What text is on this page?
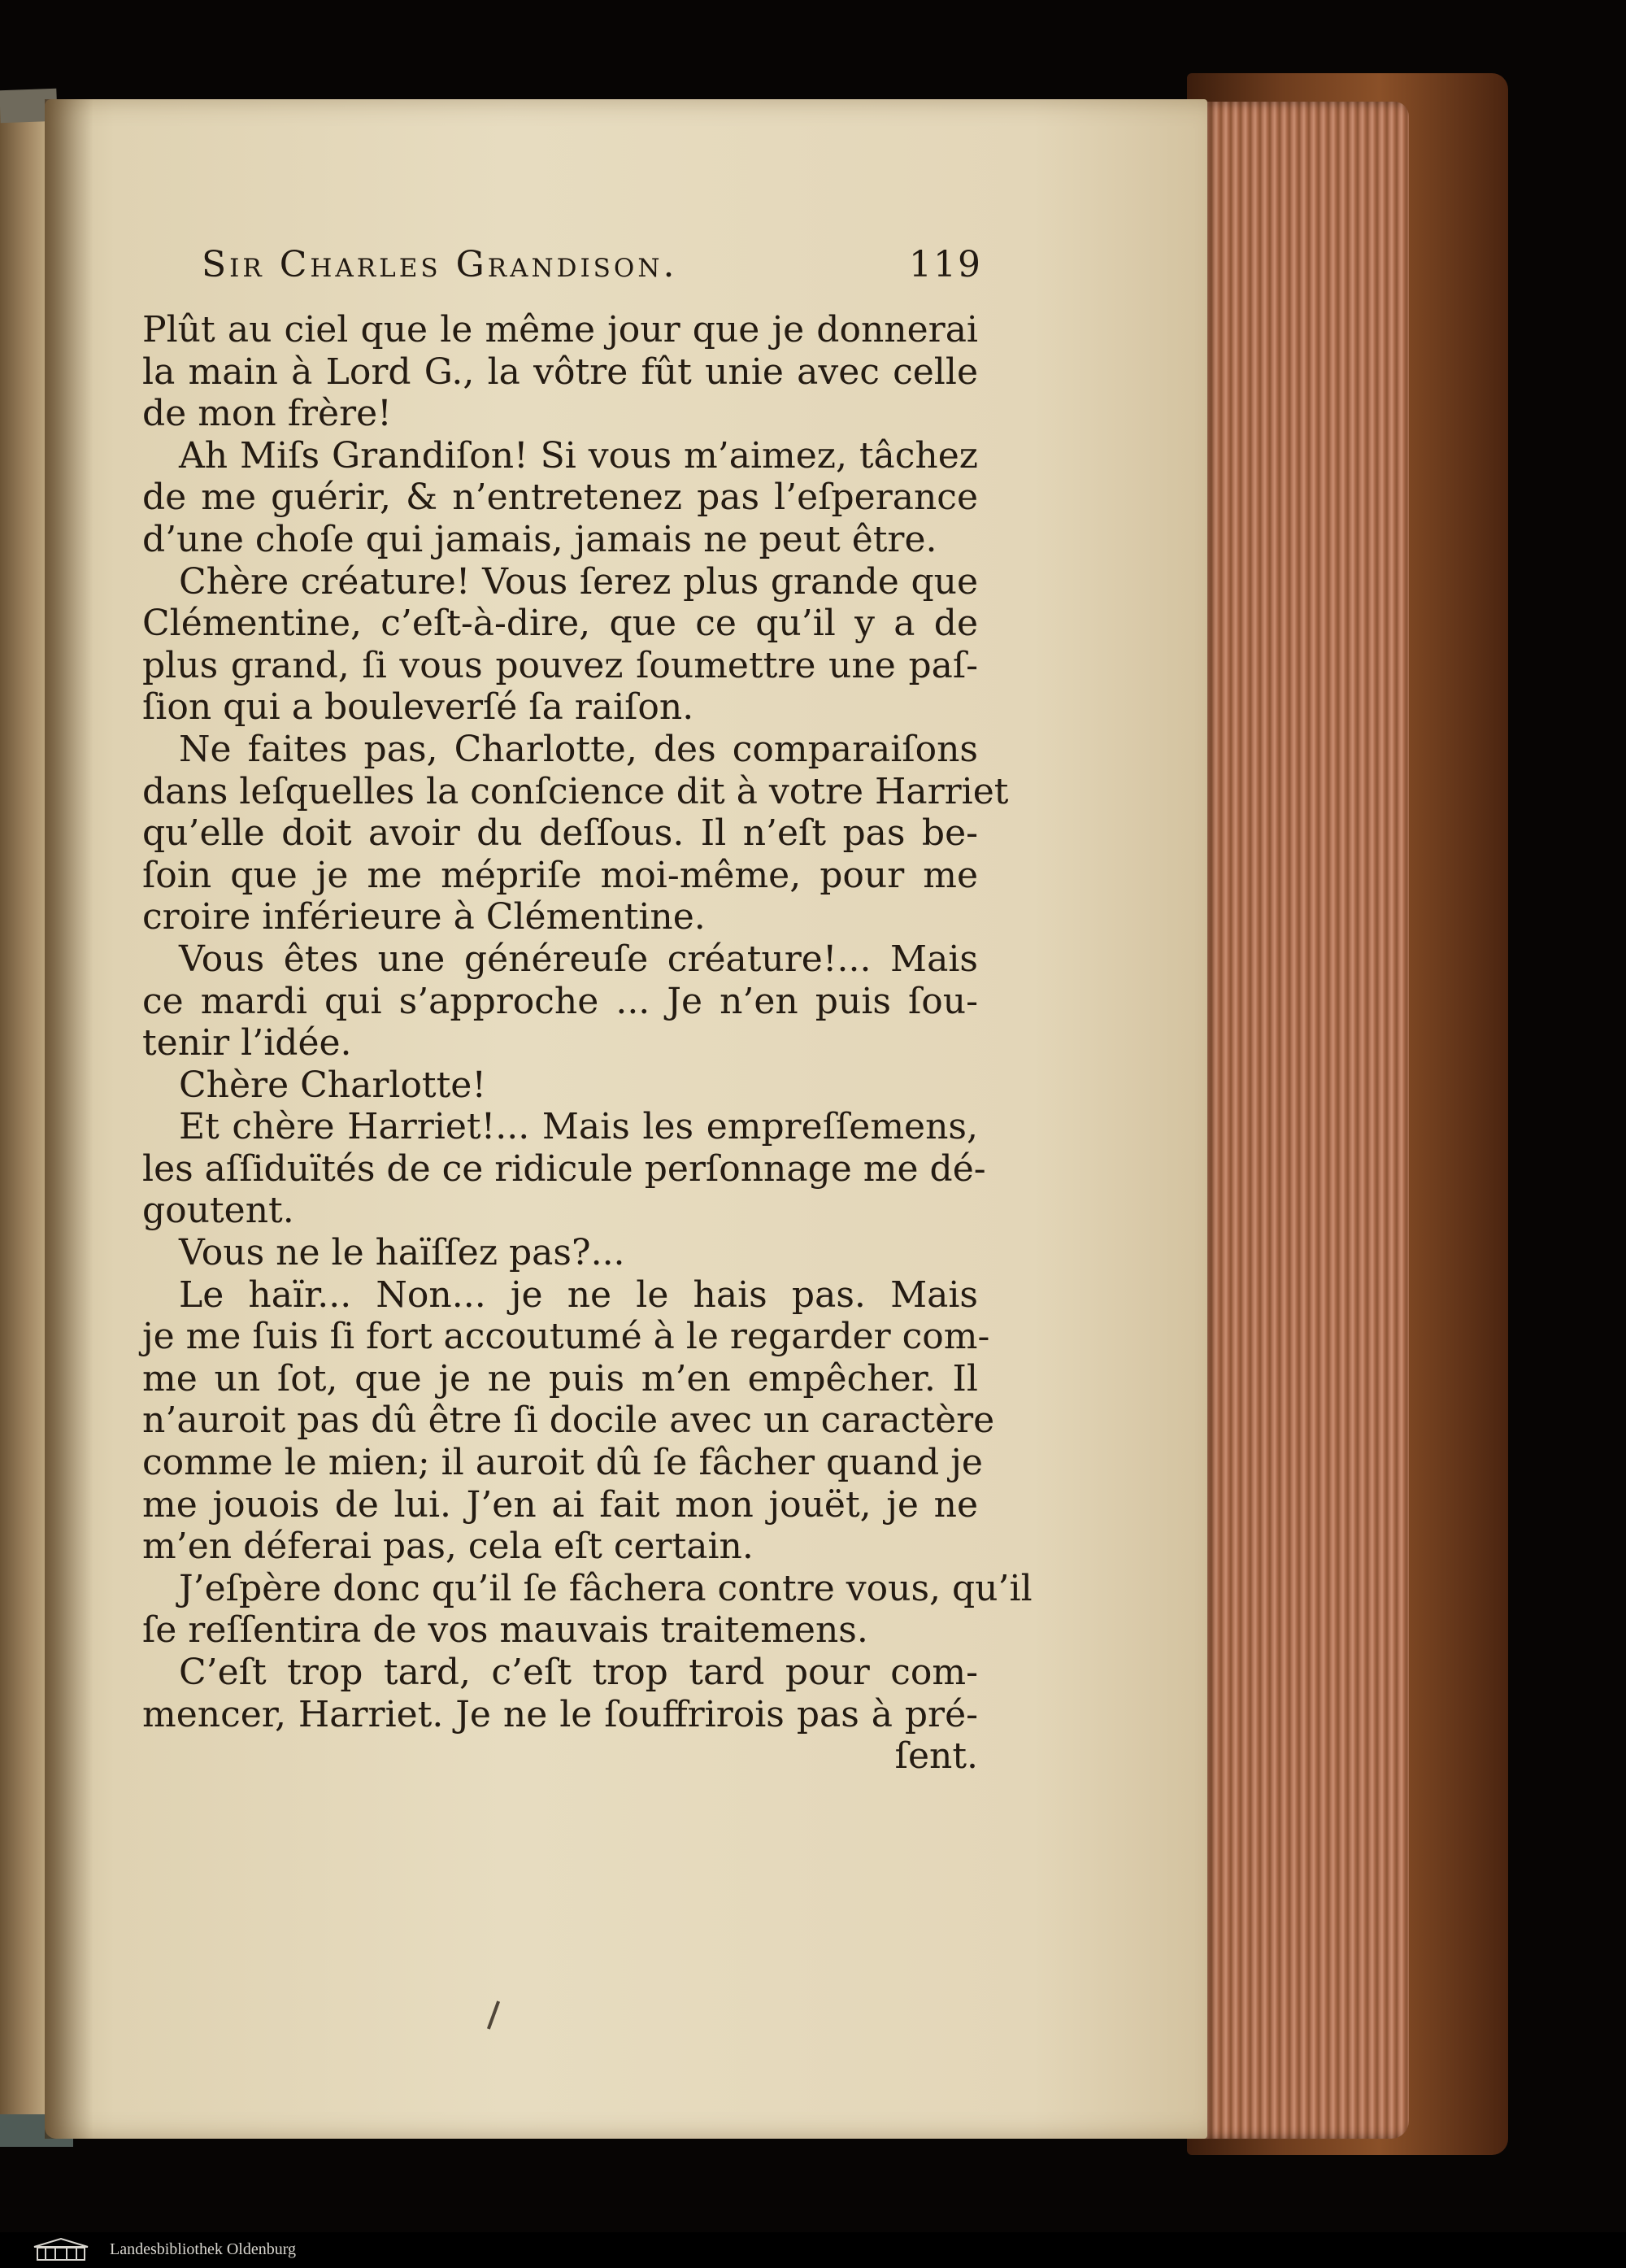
Sir Charles Grandison.	119
Plût au ciel que le même jour que je donnerai
la main à Lord G., la vôtre fût unie avec celle
de mon frère!
Ah Miſs Grandiſon! Si vous m’aimez, tâchez
de me guérir, & n’entretenez pas l’eſperance
d’une choſe qui jamais, jamais ne peut être.
Chère créature! Vous ſerez plus grande que
Clémentine, c’eſt-à-dire, que ce qu’il y a de
plus grand, ſi vous pouvez ſoumettre une paſ-
ſion qui a bouleverſé ſa raiſon.
Ne faites pas, Charlotte, des comparaiſons
dans leſquelles la conſcience dit à votre Harriet
qu’elle doit avoir du deſſous. Il n’eſt pas be-
ſoin que je me mépriſe moi-même, pour me
croire inférieure à Clémentine.
Vous êtes une généreuſe créature!... Mais
ce mardi qui s’approche ... Je n’en puis ſou-
tenir l’idée.
Chère Charlotte!
Et chère Harriet!... Mais les empreſſemens,
les aſſiduïtés de ce ridicule perſonnage me dé-
goutent.
Vous ne le haïſſez pas?...
Le haïr... Non... je ne le hais pas. Mais
je me ſuis ſi fort accoutumé à le regarder com-
me un ſot, que je ne puis m’en empêcher. Il
n’auroit pas dû être ſi docile avec un caractère
comme le mien; il auroit dû ſe fâcher quand je
me jouois de lui. J’en ai fait mon jouët, je ne
m’en déferai pas, cela eſt certain.
J’eſpère donc qu’il ſe fâchera contre vous, qu’il
ſe reſſentira de vos mauvais traitemens.
C’eſt trop tard, c’eſt trop tard pour com-
mencer, Harriet. Je ne le ſouffrirois pas à pré-
ſent.
Landesbibliothek Oldenburg
